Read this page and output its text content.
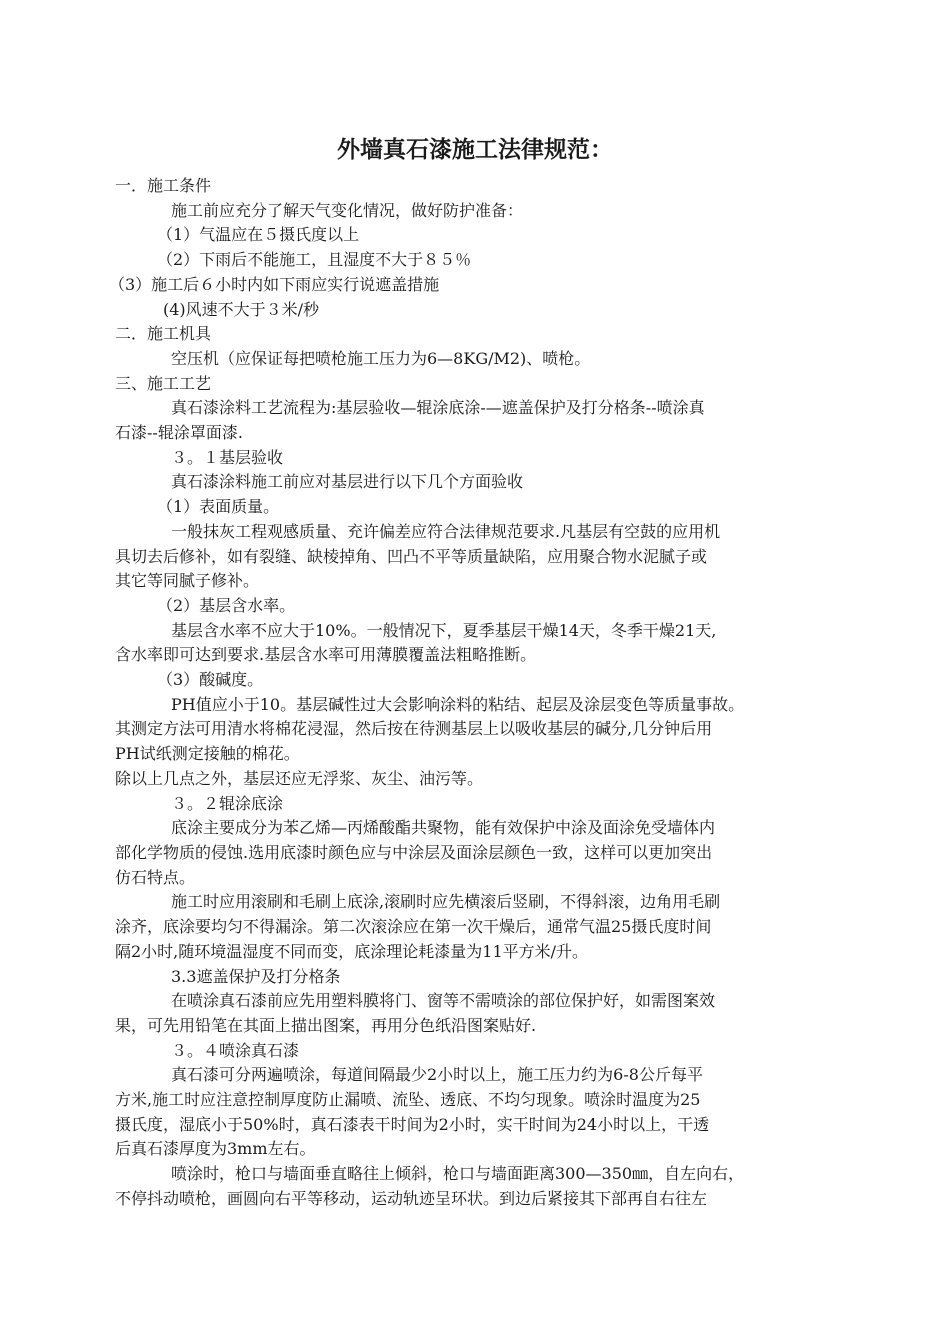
外墙真石漆施工法律规范：

一．施工条件

施工前应充分了解天气变化情况，做好防护准备：

（1）气温应在５摄氏度以上

（2）下雨后不能施工，且湿度不大于８５％

（3）施工后６小时内如下雨应实行说遮盖措施

(4)风速不大于３米/秒

二．施工机具

空压机（应保证每把喷枪施工压力为6—8KG/M2)、喷枪。

三、施工工艺

真石漆涂料工艺流程为:基层验收—辊涂底涂-—遮盖保护及打分格条--喷涂真

石漆--辊涂罩面漆.

３。１基层验收

真石漆涂料施工前应对基层进行以下几个方面验收

（1）表面质量。

一般抹灰工程观感质量、充许偏差应符合法律规范要求.凡基层有空鼓的应用机

具切去后修补，如有裂缝、缺棱掉角、凹凸不平等质量缺陷，应用聚合物水泥腻子或

其它等同腻子修补。

（2）基层含水率。

基层含水率不应大于10%。一般情况下，夏季基层干燥14天，冬季干燥21天,

含水率即可达到要求.基层含水率可用薄膜覆盖法粗略推断。

（3）酸碱度。

PH值应小于10。基层碱性过大会影响涂料的粘结、起层及涂层变色等质量事故。

其测定方法可用清水将棉花浸湿，然后按在待测基层上以吸收基层的碱分,几分钟后用

PH试纸测定接触的棉花。

除以上几点之外，基层还应无浮浆、灰尘、油污等。

３。２辊涂底涂

底涂主要成分为苯乙烯—丙烯酸酯共聚物，能有效保护中涂及面涂免受墙体内

部化学物质的侵蚀.选用底漆时颜色应与中涂层及面涂层颜色一致，这样可以更加突出

仿石特点。

施工时应用滚刷和毛刷上底涂,滚刷时应先横滚后竖刷，不得斜滚，边角用毛刷

涂齐，底涂要均匀不得漏涂。第二次滚涂应在第一次干燥后，通常气温25摄氏度时间

隔2小时,随环境温湿度不同而变，底涂理论耗漆量为11平方米/升。

3.3遮盖保护及打分格条

在喷涂真石漆前应先用塑料膜将门、窗等不需喷涂的部位保护好，如需图案效

果，可先用铅笔在其面上描出图案，再用分色纸沿图案贴好.

３。４喷涂真石漆

真石漆可分两遍喷涂，每道间隔最少2小时以上，施工压力约为6-8公斤每平

方米,施工时应注意控制厚度防止漏喷、流坠、透底、不均匀现象。喷涂时温度为25

摄氏度，湿底小于50%时，真石漆表干时间为2小时，实干时间为24小时以上，干透

后真石漆厚度为3mm左右。

喷涂时，枪口与墙面垂直略往上倾斜，枪口与墙面距离300—350㎜，自左向右，

不停抖动喷枪，画圆向右平等移动，运动轨迹呈环状。到边后紧接其下部再自右往左
